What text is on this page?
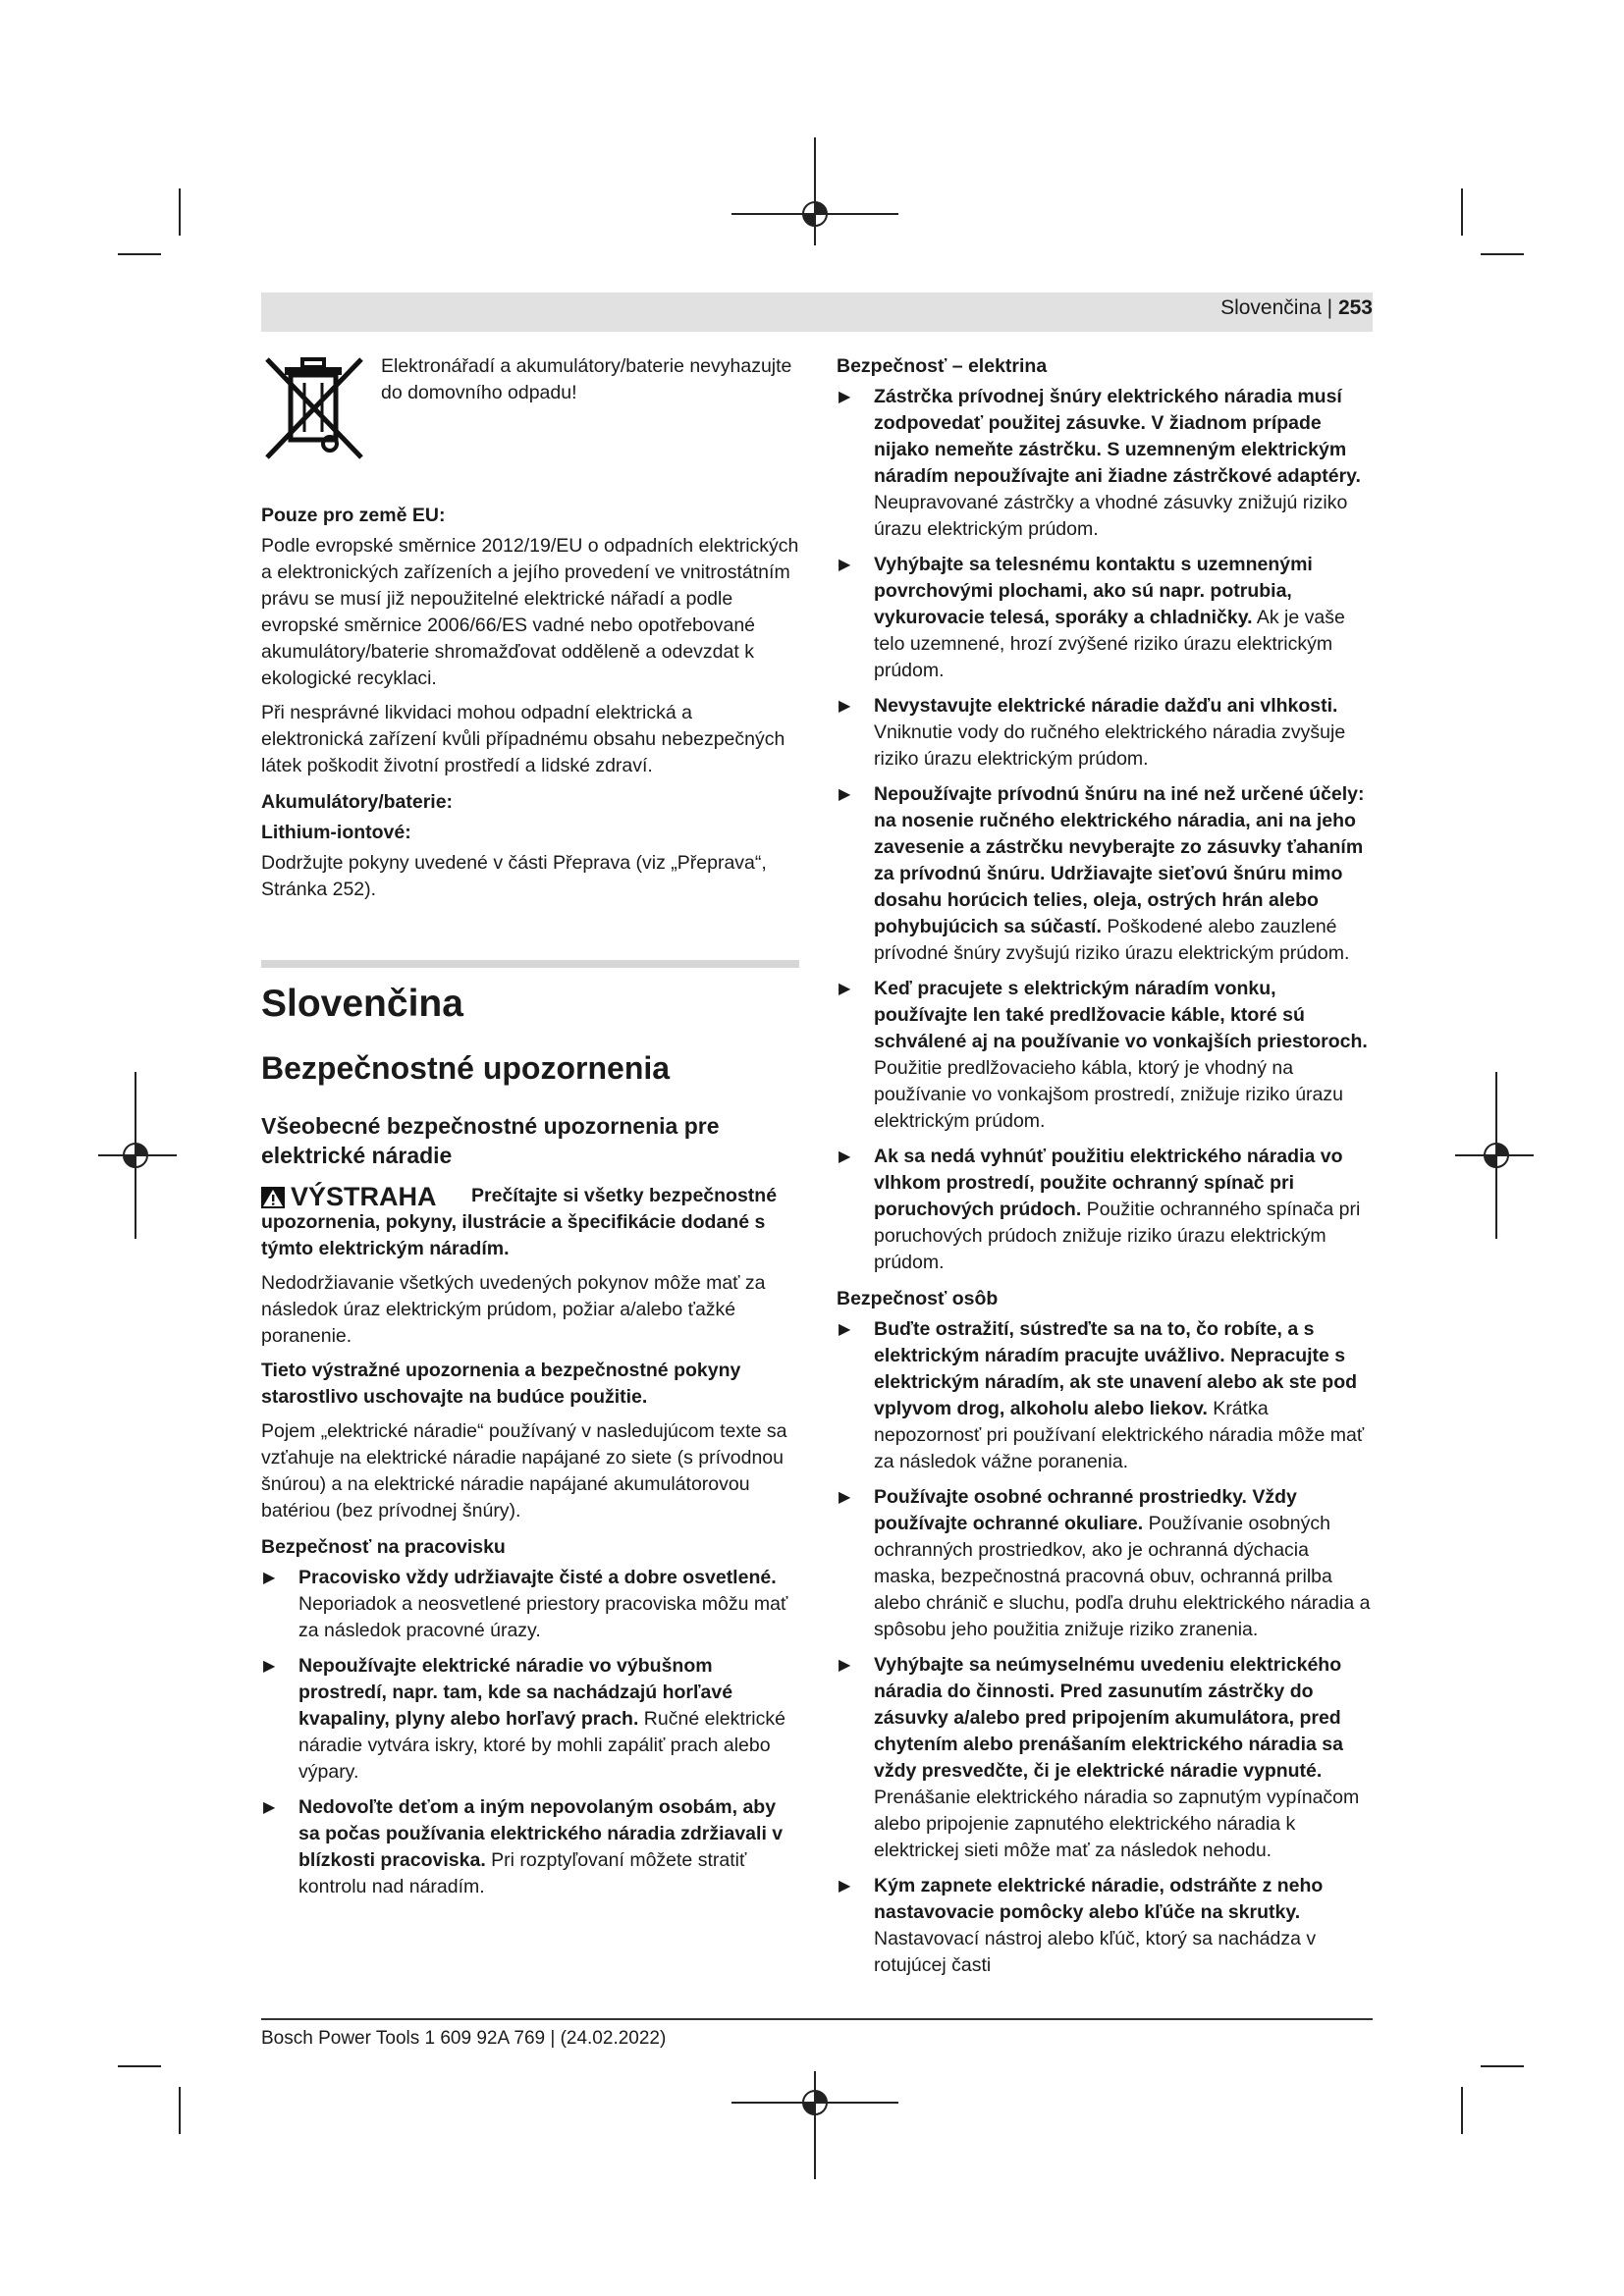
Slovenčina | 253
Elektronářadí a akumulátory/baterie nevyhazujte do domovního odpadu!

Pouze pro země EU:

Podle evropské směrnice 2012/19/EU o odpadních elektrických a elektronických zařízeních a jejího provedení ve vnitrostátním právu se musí již nepoužitelné elektrické nářadí a podle evropské směrnice 2006/66/ES vadné nebo opotřebované akumulátory/baterie shromažďovat odděleně a odevzdat k ekologické recyklaci.

Při nesprávné likvidaci mohou odpadní elektrická a elektronická zařízení kvůli případnému obsahu nebezpečných látek poškodit životní prostředí a lidské zdraví.

Akumulátory/baterie:

Lithium-iontové:

Dodržujte pokyny uvedené v části Přeprava (viz „Přeprava“, Stránka 252).

Slovenčina
Bezpečnostné upozornenia
Všeobecné bezpečnostné upozornenia pre elektrické náradie
VÝSTRAHA	Prečítajte si všetky bezpečnostné upozornenia, pokyny, ilustrácie a špecifikácie dodané s týmto elektrickým náradím.

Nedodržiavanie všetkých uvedených pokynov môže mať za následok úraz elektrickým prúdom, požiar a/alebo ťažké poranenie.

Tieto výstražné upozornenia a bezpečnostné pokyny starostlivo uschovajte na budúce použitie.

Pojem „elektrické náradie“ používaný v nasledujúcom texte sa vzťahuje na elektrické náradie napájané zo siete (s prívodnou šnúrou) a na elektrické náradie napájané akumulátorovou batériou (bez prívodnej šnúry).

Bezpečnosť na pracovisku

▶ Pracovisko vždy udržiavajte čisté a dobre osvetlené. Neporiadok a neosvetlené priestory pracoviska môžu mať za následok pracovné úrazy.

▶ Nepoužívajte elektrické náradie vo výbušnom prostredí, napr. tam, kde sa nachádzajú horľavé kvapaliny, plyny alebo horľavý prach. Ručné elektrické náradie vytvára iskry, ktoré by mohli zapáliť prach alebo výpary.

▶ Nedovoľte deťom a iným nepovolaným osobám, aby sa počas používania elektrického náradia zdržiavali v blízkosti pracoviska. Pri rozptyľovaní môžete stratiť kontrolu nad náradím.

Bezpečnosť – elektrina

▶ Zástrčka prívodnej šnúry elektrického náradia musí zodpovedať použitej zásuvke. V žiadnom prípade nijako nemeňte zástrčku. S uzemneným elektrickým náradím nepoužívajte ani žiadne zástrčkové adaptéry. Neupravované zástrčky a vhodné zásuvky znižujú riziko úrazu elektrickým prúdom.

▶ Vyhýbajte sa telesnému kontaktu s uzemnenými povrchovými plochami, ako sú napr. potrubia, vykurovacie telesá, sporáky a chladničky. Ak je vaše telo uzemnené, hrozí zvýšené riziko úrazu elektrickým prúdom.

▶ Nevystavujte elektrické náradie dažďu ani vlhkosti. Vniknutie vody do ručného elektrického náradia zvyšuje riziko úrazu elektrickým prúdom.

▶ Nepoužívajte prívodnú šnúru na iné než určené účely: na nosenie ručného elektrického náradia, ani na jeho zavesenie a zástrčku nevyberajte zo zásuvky ťahaním za prívodnú šnúru. Udržiavajte sieťovú šnúru mimo dosahu horúcich telies, oleja, ostrých hrán alebo pohybujúcich sa súčastí. Poškodené alebo zauzlené prívodné šnúry zvyšujú riziko úrazu elektrickým prúdom.

▶ Keď pracujete s elektrickým náradím vonku, používajte len také predlžovacie káble, ktoré sú schválené aj na používanie vo vonkajších priestoroch. Použitie predlžovacieho kábla, ktorý je vhodný na používanie vo vonkajšom prostredí, znižuje riziko úrazu elektrickým prúdom.

▶ Ak sa nedá vyhnúť použitiu elektrického náradia vo vlhkom prostredí, použite ochranný spínač pri poruchových prúdoch. Použitie ochranného spínača pri poruchových prúdoch znižuje riziko úrazu elektrickým prúdom.

Bezpečnosť osôb

▶ Buďte ostražití, sústreďte sa na to, čo robíte, a s elektrickým náradím pracujte uvážlivo. Nepracujte s elektrickým náradím, ak ste unavení alebo ak ste pod vplyvom drog, alkoholu alebo liekov. Krátka nepozornosť pri používaní elektrického náradia môže mať za následok vážne poranenia.

▶ Používajte osobné ochranné prostriedky. Vždy používajte ochranné okuliare. Používanie osobných ochranných prostriedkov, ako je ochranná dýchacia maska, bezpečnostná pracovná obuv, ochranná prilba alebo chránič e sluchu, podľa druhu elektrického náradia a spôsobu jeho použitia znižuje riziko zranenia.

▶ Vyhýbajte sa neúmyselnému uvedeniu elektrického náradia do činnosti. Pred zasunutím zástrčky do zásuvky a/alebo pred pripojením akumulátora, pred chytením alebo prenášaním elektrického náradia sa vždy presvedčte, či je elektrické náradie vypnuté. Prenášanie elektrického náradia so zapnutým vypínačom alebo pripojenie zapnutého elektrického náradia k elektrickej sieti môže mať za následok nehodu.

▶ Kým zapnete elektrické náradie, odstráňte z neho nastavovacie pomôcky alebo kľúče na skrutky. Nastavovací nástroj alebo kľúč, ktorý sa nachádza v rotujúcej časti

Bosch Power Tools 1 609 92A 769 | (24.02.2022)
